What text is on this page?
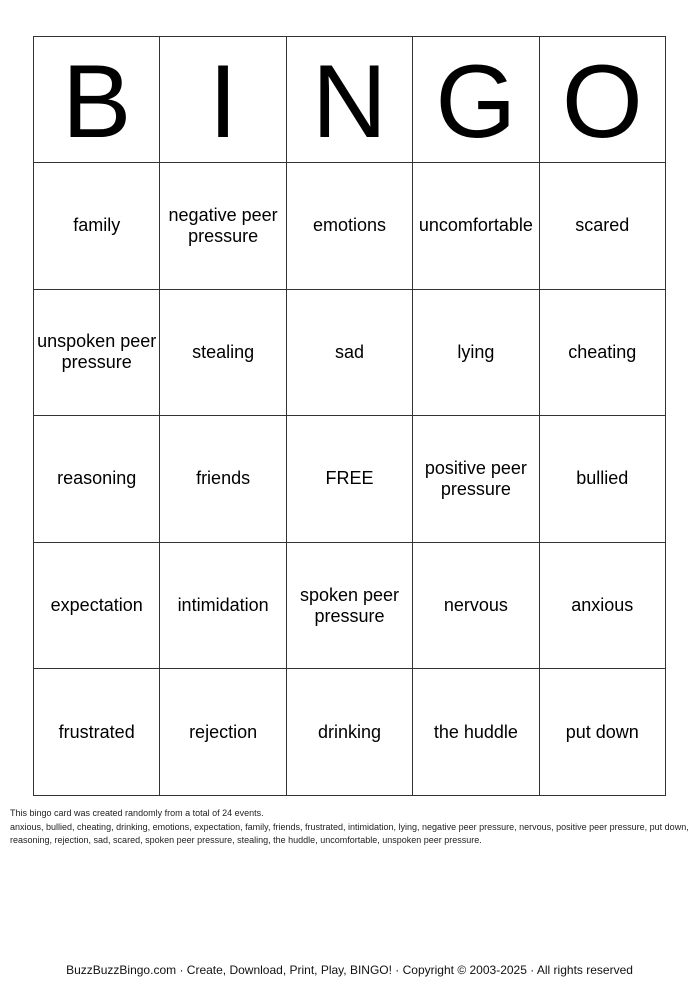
B	I	N	G	O
family	negative peer pressure	emotions	uncomfortable	scared
unspoken peer pressure	stealing	sad	lying	cheating
reasoning	friends	FREE	positive peer pressure	bullied
expectation	intimidation	spoken peer pressure	nervous	anxious
frustrated	rejection	drinking	the huddle	put down

This bingo card was created randomly from a total of 24 events.

anxious, bullied, cheating, drinking, emotions, expectation, family, friends, frustrated, intimidation, lying, negative peer pressure, nervous, positive peer pressure, put down, reasoning, rejection, sad, scared, spoken peer pressure, stealing, the huddle, uncomfortable, unspoken peer pressure.

BuzzBuzzBingo.com · Create, Download, Print, Play, BINGO! · Copyright © 2003-2025 · All rights reserved
